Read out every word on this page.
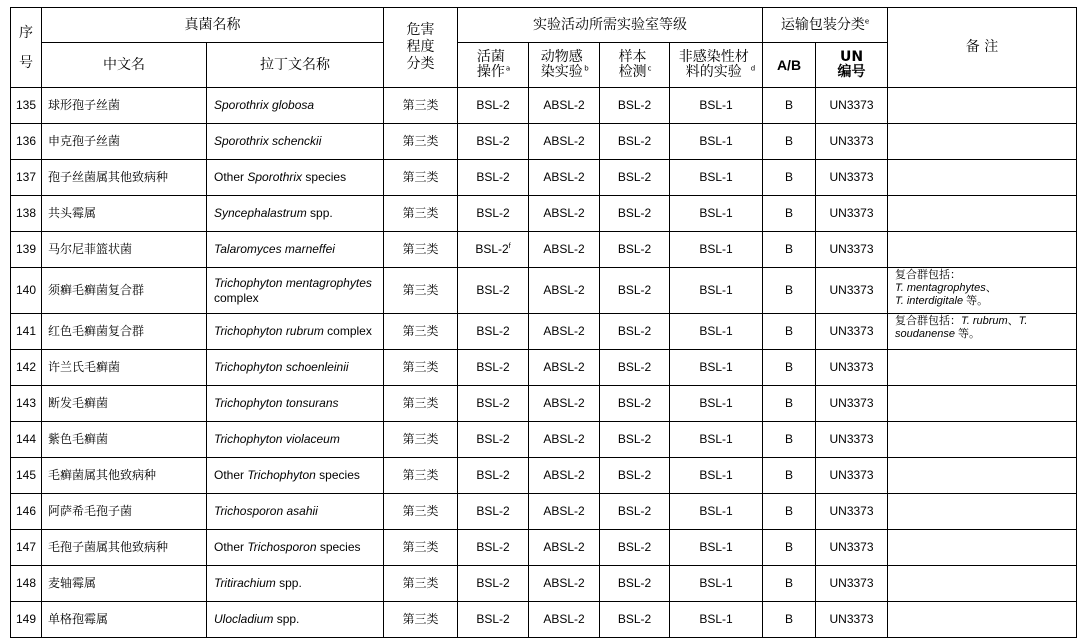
序号	真菌名称		危害程度分类	实验活动所需实验室等级				运输包装分类$^e$		备 注
	中文名	拉丁文名称		活菌操作$^a$	动物感染实验 $^b$	样本检测$^c$	非感染性材料的实验 $^d$	A/B	UN编号	

135	球形孢子丝菌	Sporothrix globosa	第三类	BSL-2	ABSL-2	BSL-2	BSL-1	B	UN3373	
136	申克孢子丝菌	Sporothrix schenckii	第三类	BSL-2	ABSL-2	BSL-2	BSL-1	B	UN3373	
137	孢子丝菌属其他致病种	Other Sporothrix species	第三类	BSL-2	ABSL-2	BSL-2	BSL-1	B	UN3373	
138	共头霉属	Syncephalastrum spp.	第三类	BSL-2	ABSL-2	BSL-2	BSL-1	B	UN3373	
139	马尔尼菲篮状菌	Talaromyces marneffei	第三类	BSL-2$^f$	ABSL-2	BSL-2	BSL-1	B	UN3373	
140	须癣毛癣菌复合群	Trichophyton mentagrophytes complex	第三类	BSL-2	ABSL-2	BSL-2	BSL-1	B	UN3373	复合群包括：
T. mentagrophytes、
T. interdigitale 等。
141	红色毛癣菌复合群	Trichophyton rubrum complex	第三类	BSL-2	ABSL-2	BSL-2	BSL-1	B	UN3373	复合群包括：T. rubrum、T. soudanense 等。
142	许兰氏毛癣菌	Trichophyton schoenleinii	第三类	BSL-2	ABSL-2	BSL-2	BSL-1	B	UN3373	
143	断发毛癣菌	Trichophyton tonsurans	第三类	BSL-2	ABSL-2	BSL-2	BSL-1	B	UN3373	
144	紫色毛癣菌	Trichophyton violaceum	第三类	BSL-2	ABSL-2	BSL-2	BSL-1	B	UN3373	
145	毛癣菌属其他致病种	Other Trichophyton species	第三类	BSL-2	ABSL-2	BSL-2	BSL-1	B	UN3373	
146	阿萨希毛孢子菌	Trichosporon asahii	第三类	BSL-2	ABSL-2	BSL-2	BSL-1	B	UN3373	
147	毛孢子菌属其他致病种	Other Trichosporon species	第三类	BSL-2	ABSL-2	BSL-2	BSL-1	B	UN3373	
148	麦轴霉属	Tritirachium spp.	第三类	BSL-2	ABSL-2	BSL-2	BSL-1	B	UN3373	
149	单格孢霉属	Ulocladium spp.	第三类	BSL-2	ABSL-2	BSL-2	BSL-1	B	UN3373	
